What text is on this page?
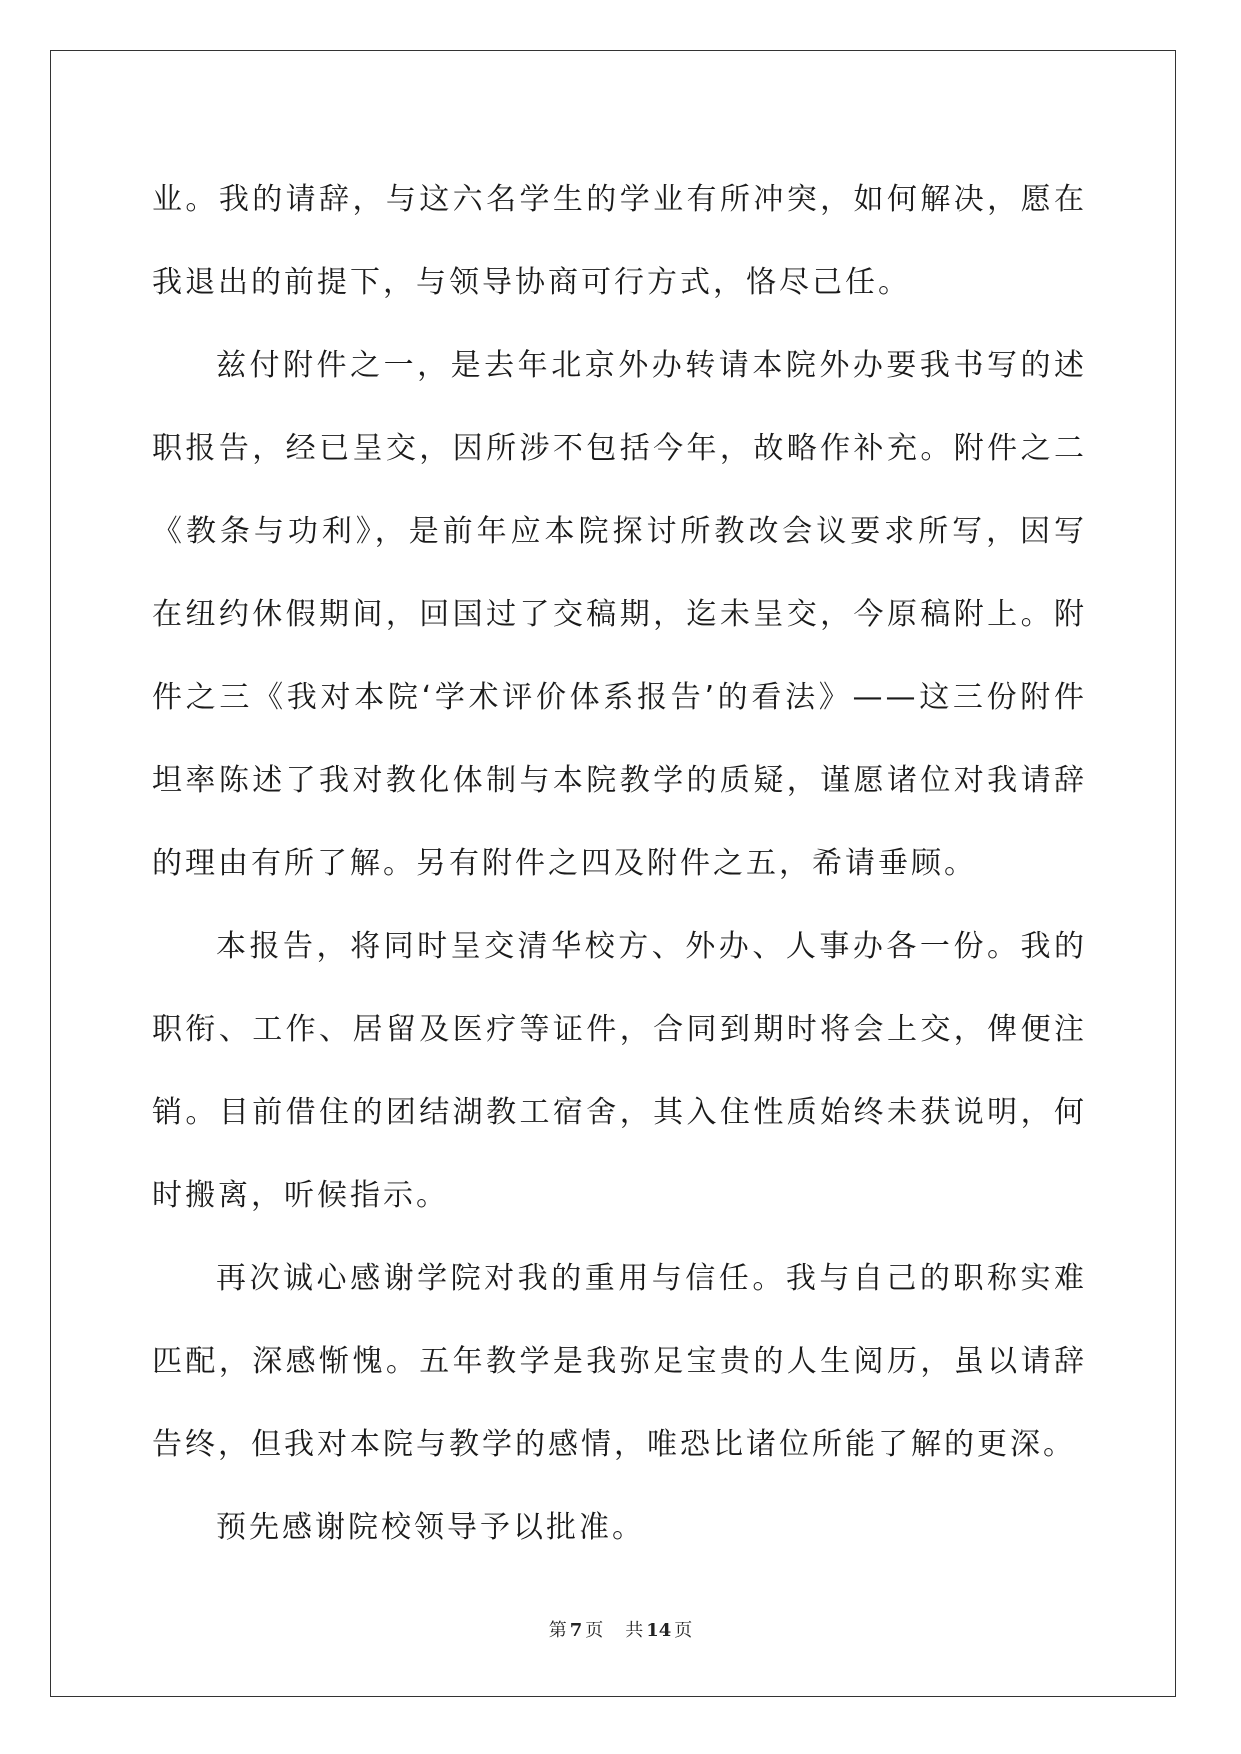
业。我的请辞，与这六名学生的学业有所冲突，如何解决，愿在我退出的前提下，与领导协商可行方式，恪尽己任。

兹付附件之一，是去年北京外办转请本院外办要我书写的述职报告，经已呈交，因所涉不包括今年，故略作补充。附件之二《教条与功利》，是前年应本院探讨所教改会议要求所写，因写在纽约休假期间，回国过了交稿期，迄未呈交，今原稿附上。附件之三《我对本院‘学术评价体系报告’的看法》——这三份附件坦率陈述了我对教化体制与本院教学的质疑，谨愿诸位对我请辞的理由有所了解。另有附件之四及附件之五，希请垂顾。

本报告，将同时呈交清华校方、外办、人事办各一份。我的职衔、工作、居留及医疗等证件，合同到期时将会上交，俾便注销。目前借住的团结湖教工宿舍，其入住性质始终未获说明，何时搬离，听候指示。

再次诚心感谢学院对我的重用与信任。我与自己的职称实难匹配，深感惭愧。五年教学是我弥足宝贵的人生阅历，虽以请辞告终，但我对本院与教学的感情，唯恐比诸位所能了解的更深。

预先感谢院校领导予以批准。

第 7 页 共 14 页
